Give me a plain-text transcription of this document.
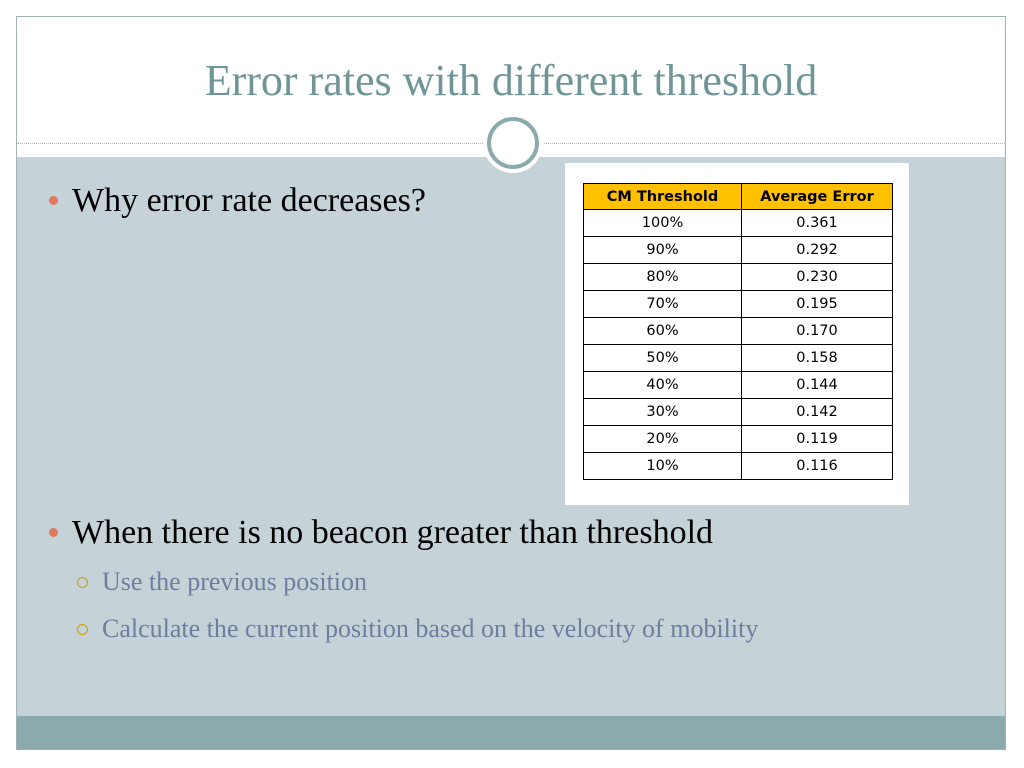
Error rates with different threshold
Why error rate decreases?	CM Threshold	Average Error
100%	0.361
90%	0.292
80%	0.230
70%	0.195
60%	0.170
50%	0.158
40%	0.144
30%	0.142
20%	0.119
10%	0.116
When there is no beacon greater than threshold
Use the previous position
Calculate the current position based on the velocity of mobility
